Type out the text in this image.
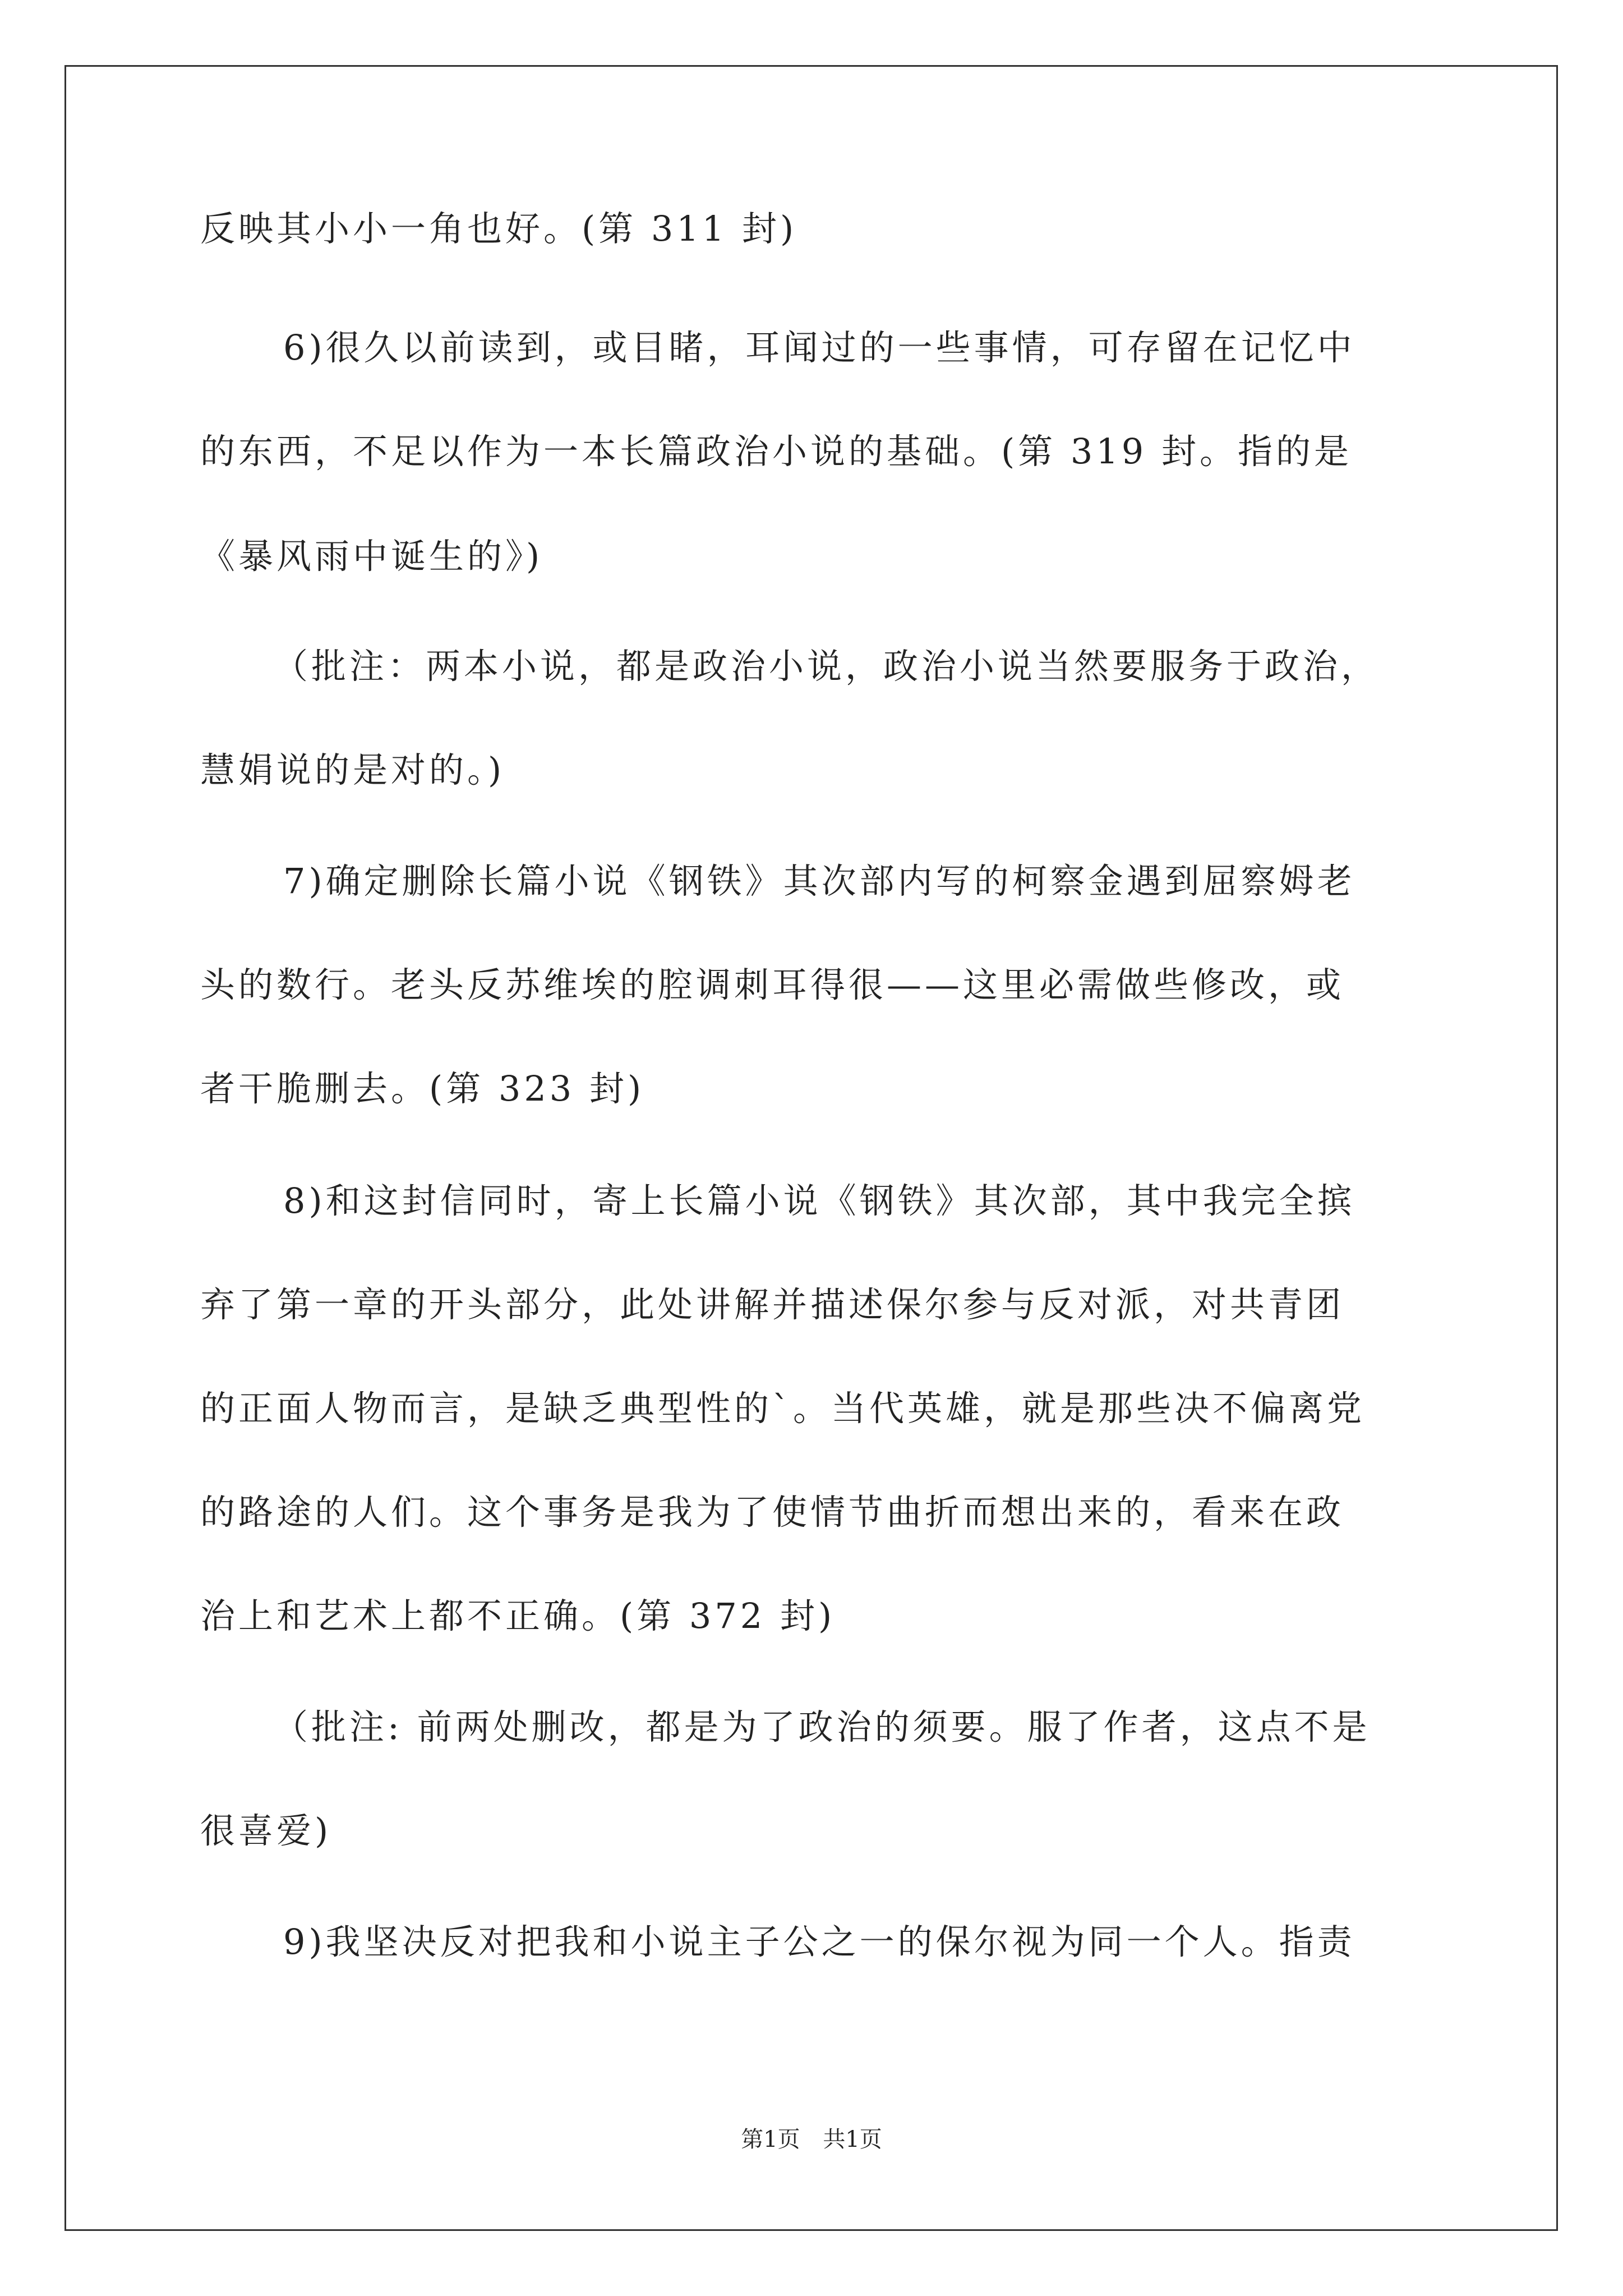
反映其小小一角也好。(第 311 封)
6)很久以前读到，或目睹，耳闻过的一些事情，可存留在记忆中
的东西，不足以作为一本长篇政治小说的基础。(第 319 封。指的是
《暴风雨中诞生的》)
（批注：两本小说，都是政治小说，政治小说当然要服务于政治，
慧娟说的是对的。)
7)确定删除长篇小说《钢铁》其次部内写的柯察金遇到屈察姆老
头的数行。老头反苏维埃的腔调刺耳得很——这里必需做些修改，或
者干脆删去。(第 323 封)
8)和这封信同时，寄上长篇小说《钢铁》其次部，其中我完全摈
弃了第一章的开头部分，此处讲解并描述保尔参与反对派，对共青团
的正面人物而言，是缺乏典型性的`。当代英雄，就是那些决不偏离党
的路途的人们。这个事务是我为了使情节曲折而想出来的，看来在政
治上和艺术上都不正确。(第 372 封)
（批注: 前两处删改，都是为了政治的须要。服了作者，这点不是
很喜爱)
9)我坚决反对把我和小说主子公之一的保尔视为同一个人。指责
第1页 共1页
